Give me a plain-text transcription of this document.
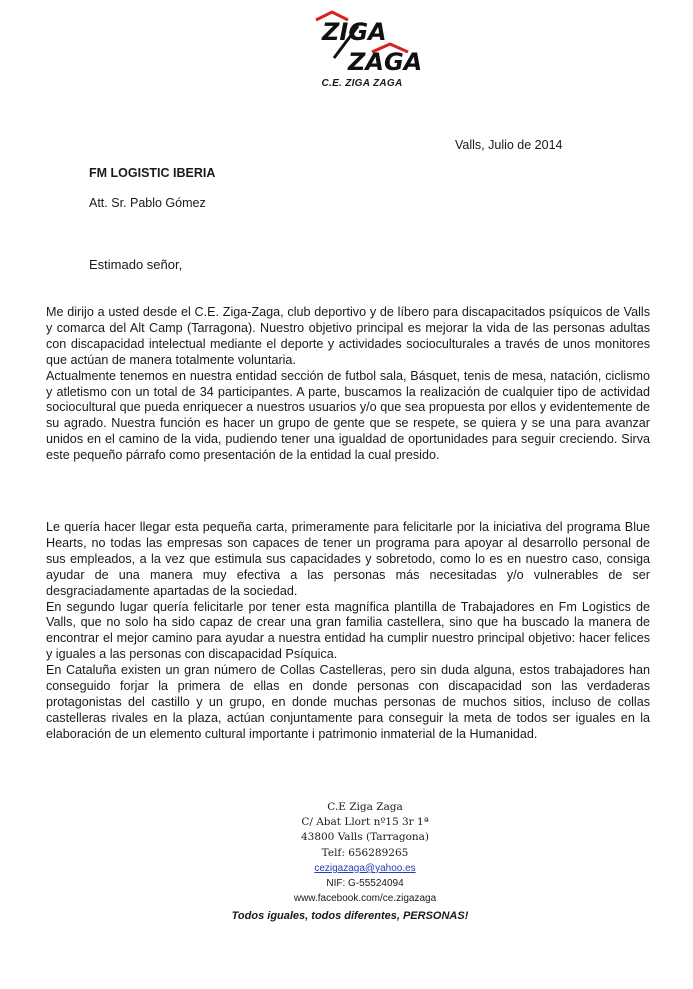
ZIGA
ZAGA
C.E. ZIGA ZAGA
Valls, Julio de 2014
FM LOGISTIC IBERIA
Att. Sr. Pablo Gómez
Estimado señor,

Me dirijo a usted desde el C.E. Ziga-Zaga, club deportivo y de líbero para discapacitados psíquicos de Valls y comarca del Alt Camp (Tarragona). Nuestro objetivo principal es mejorar la vida de las personas adultas con discapacidad intelectual mediante el deporte y actividades socioculturales a través de unos monitores que actúan de manera totalmente voluntaria.

Actualmente tenemos en nuestra entidad sección de futbol sala, Básquet, tenis de mesa, natación, ciclismo y atletismo con un total de 34 participantes. A parte, buscamos la realización de cualquier tipo de actividad sociocultural que pueda enriquecer a nuestros usuarios y/o que sea propuesta por ellos y evidentemente de su agrado. Nuestra función es hacer un grupo de gente que se respete, se quiera y se una para avanzar unidos en el camino de la vida, pudiendo tener una igualdad de oportunidades para seguir creciendo. Sirva este pequeño párrafo como presentación de la entidad la cual presido.

Le quería hacer llegar esta pequeña carta, primeramente para felicitarle por la iniciativa del programa Blue Hearts, no todas las empresas son capaces de tener un programa para apoyar al desarrollo personal de sus empleados, a la vez que estimula sus capacidades y sobretodo, como lo es en nuestro caso, consiga ayudar de una manera muy efectiva a las personas más necesitadas y/o vulnerables de ser desgraciadamente apartadas de la sociedad.

En segundo lugar quería felicitarle por tener esta magnífica plantilla de Trabajadores en Fm Logistics de Valls, que no solo ha sido capaz de crear una gran familia castellera, sino que ha buscado la manera de encontrar el mejor camino para ayudar a nuestra entidad ha cumplir nuestro principal objetivo: hacer felices y iguales a las personas con discapacidad Psíquica.

En Cataluña existen un gran número de Collas Castelleras, pero sin duda alguna, estos trabajadores han conseguido forjar la primera de ellas en donde personas con discapacidad son las verdaderas protagonistas del castillo y un grupo, en donde muchas personas de muchos sitios, incluso de collas castelleras rivales en la plaza, actúan conjuntamente para conseguir la meta de todos ser iguales en la elaboración de un elemento cultural importante i patrimonio inmaterial de la Humanidad.

C.E Ziga Zaga
C/ Abat Llort nº15 3r 1ª
43800 Valls (Tarragona)
Telf: 656289265
cezigazaga@yahoo.es
NIF: G-55524094
www.facebook.com/ce.zigazaga
Todos iguales, todos diferentes, PERSONAS!
